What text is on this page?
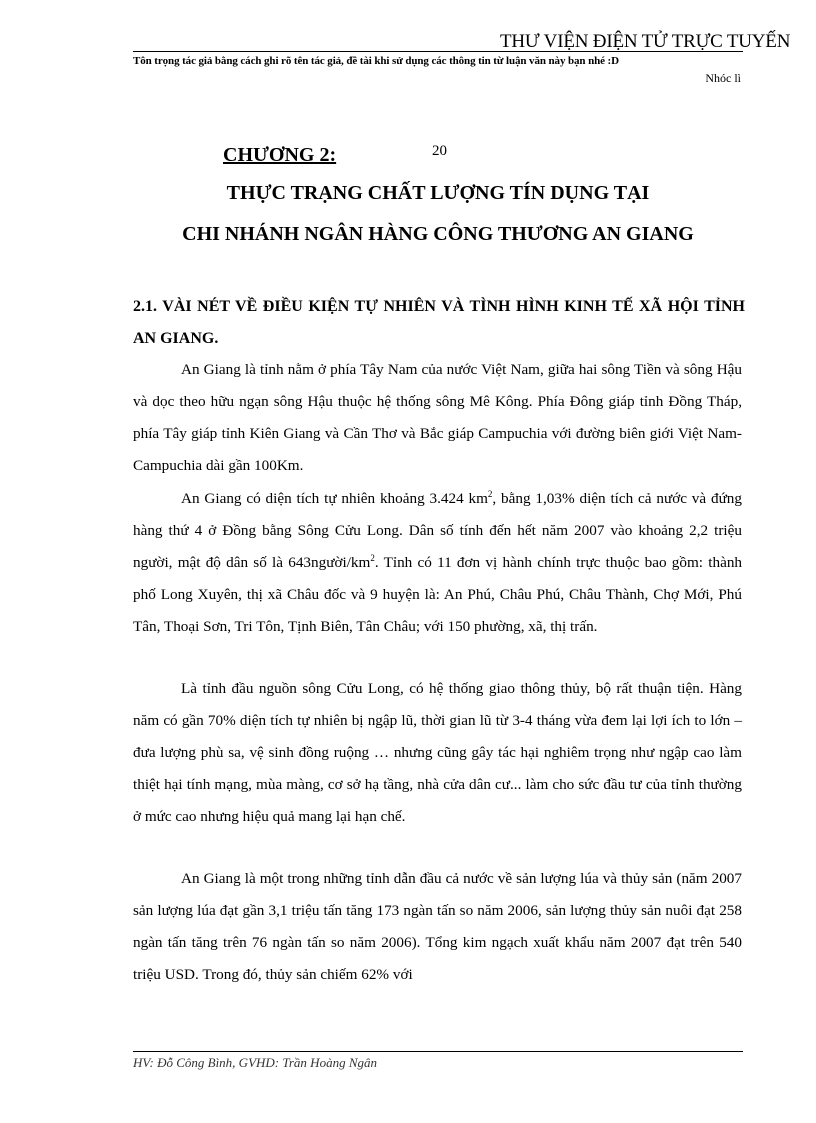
THƯ VIỆN ĐIỆN TỬ TRỰC TUYẾN
Tôn trọng tác giả bằng cách ghi rõ tên tác giả, đề tài khi sử dụng các thông tin từ luận văn này bạn nhé :D
Nhóc lì
CHƯƠNG 2:	20
THỰC TRẠNG CHẤT LƯỢNG TÍN DỤNG TẠI
CHI NHÁNH NGÂN HÀNG CÔNG THƯƠNG AN GIANG
2.1. VÀI NÉT VỀ ĐIỀU KIỆN TỰ NHIÊN VÀ TÌNH HÌNH KINH TẾ XÃ HỘI TỈNH AN GIANG.

An Giang là tỉnh nằm ở phía Tây Nam của nước Việt Nam, giữa hai sông Tiền và sông Hậu và dọc theo hữu ngạn sông Hậu thuộc hệ thống sông Mê Kông. Phía Đông giáp tỉnh Đồng Tháp, phía Tây giáp tỉnh Kiên Giang và Cần Thơ và Bắc giáp Campuchia với đường biên giới Việt Nam-Campuchia dài gần 100Km.

An Giang có diện tích tự nhiên khoảng 3.424 $km^2$, bằng 1,03% diện tích cả nước và đứng hàng thứ 4 ở Đồng bằng Sông Cửu Long. Dân số tính đến hết năm 2007 vào khoảng 2,2 triệu người, mật độ dân số là $643người/km^2$. Tỉnh có 11 đơn vị hành chính trực thuộc bao gồm: thành phố Long Xuyên, thị xã Châu đốc và 9 huyện là: An Phú, Châu Phú, Châu Thành, Chợ Mới, Phú Tân, Thoại Sơn, Tri Tôn, Tịnh Biên, Tân Châu; với 150 phường, xã, thị trấn.

Là tỉnh đầu nguồn sông Cửu Long, có hệ thống giao thông thủy, bộ rất thuận tiện. Hàng năm có gần 70% diện tích tự nhiên bị ngập lũ, thời gian lũ từ 3-4 tháng vừa đem lại lợi ích to lớn – đưa lượng phù sa, vệ sinh đồng ruộng … nhưng cũng gây tác hại nghiêm trọng như ngập cao làm thiệt hại tính mạng, mùa màng, cơ sở hạ tầng, nhà cửa dân cư... làm cho sức đầu tư của tỉnh thường ở mức cao nhưng hiệu quả mang lại hạn chế.

An Giang là một trong những tỉnh dẫn đầu cả nước về sản lượng lúa và thủy sản (năm 2007 sản lượng lúa đạt gần 3,1 triệu tấn tăng 173 ngàn tấn so năm 2006, sản lượng thủy sản nuôi đạt 258 ngàn tấn tăng trên 76 ngàn tấn so năm 2006). Tổng kim ngạch xuất khẩu năm 2007 đạt trên 540 triệu USD. Trong đó, thủy sản chiếm 62% với

HV: Đỗ Công Bình, GVHD: Trần Hoàng Ngân
